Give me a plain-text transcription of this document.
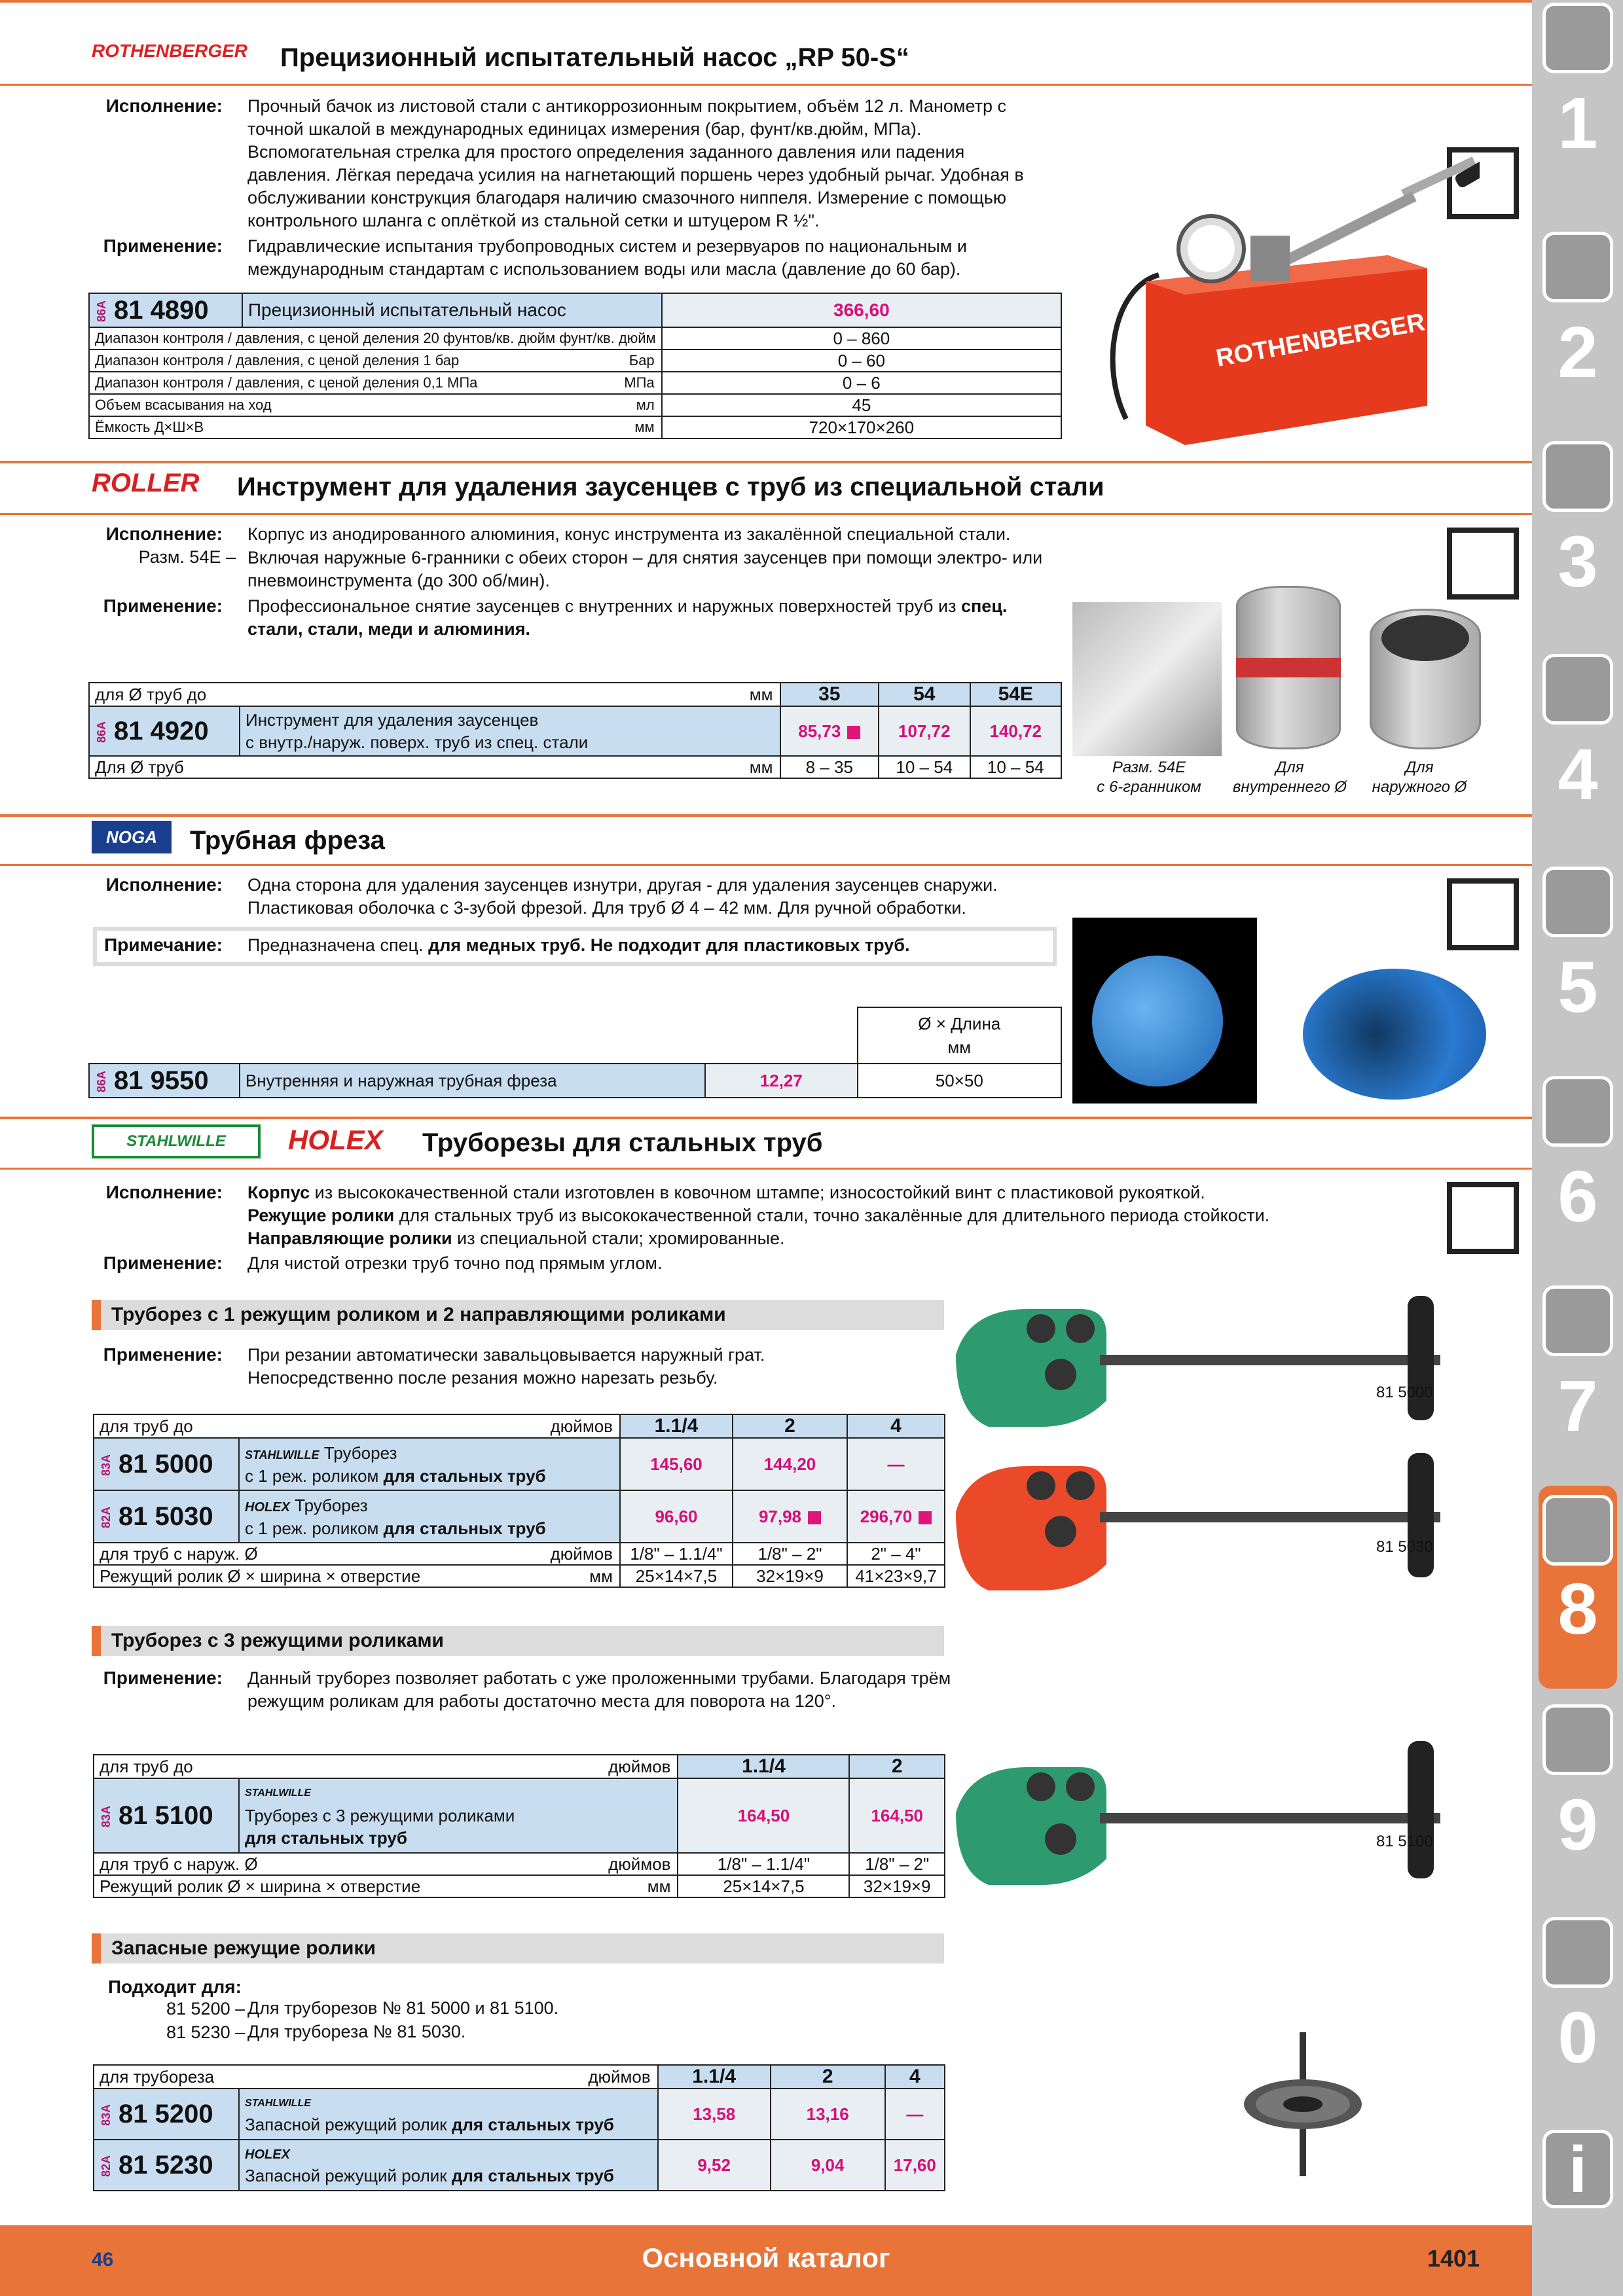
ROTHENBERGER Прецизионный испытательный насос „RP 50-S“
Исполнение: Прочный бачок из листовой стали с антикоррозионным покрытием, объём 12 л. Манометр с точной шкалой в международных единицах измерения (бар, фунт/кв.дюйм, МПа). Вспомогательная стрелка для простого определения заданного давления или падения давления. Лёгкая передача усилия на нагнетающий поршень через удобный рычаг. Удобная в обслуживании конструкция благодаря наличию смазочного ниппеля. Измерение с помощью контрольного шланга с оплёткой из стальной сетки и штуцером R ½".
Применение: Гидравлические испытания трубопроводных систем и резервуаров по национальным и международным стандартам с использованием воды или масла (давление до 60 бар).
86A 81 4890	Прецизионный испытательный насос	366,60
Диапазон контроля / давления, с ценой деления 20 фунтов/кв. дюйм фунт/кв. дюйм		0 – 860
Диапазон контроля / давления, с ценой деления 1 бар Бар		0 – 60
Диапазон контроля / давления, с ценой деления 0,1 МПа МПа		0 – 6
Объем всасывания на ход мл		45
Ёмкость Д×Ш×В мм		720×170×260
ROTHENBERGER
ROLLER Инструмент для удаления заусенцев с труб из специальной стали
Исполнение: Корпус из анодированного алюминия, конус инструмента из закалённой специальной стали.
Разм. 54E – Включая наружные 6-гранники с обеих сторон – для снятия заусенцев при помощи электро- или пневмоинструмента (до 300 об/мин).
Применение: Профессиональное снятие заусенцев с внутренних и наружных поверхностей труб из спец. стали, стали, меди и алюминия.
для Ø труб до мм		35	54	54E
86A 81 4920	Инструмент для удаления заусенцев
с внутр./наруж. поверх. труб из спец. стали	85,73	107,72	140,72
Для Ø труб мм		8 – 35	10 – 54	10 – 54	Разм. 54E
с 6-гранником
Для
внутреннего Ø
Для
наружного Ø
NOGA	Трубная фреза
Исполнение: Одна сторона для удаления заусенцев изнутри, другая - для удаления заусенцев снаружи. Пластиковая оболочка с 3-зубой фрезой. Для труб Ø 4 – 42 мм. Для ручной обработки.
Примечание: Предназначена спец. для медных труб. Не подходит для пластиковых труб.

			Ø × Длина
мм

86A 81 9550	Внутренняя и наружная трубная фреза	12,27	50×50
STAHLWILLE	HOLEX Труборезы для стальных труб
Исполнение: Корпус из высококачественной стали изготовлен в ковочном штампе; износостойкий винт с пластиковой рукояткой.
Режущие ролики для стальных труб из высококачественной стали, точно закалённые для длительного периода стойкости.
Направляющие ролики из специальной стали; хромированные.
Применение: Для чистой отрезки труб точно под прямым углом.
Труборез с 1 режущим роликом и 2 направляющими роликами
Применение: При резании автоматически завальцовывается наружный грат. Непосредственно после резания можно нарезать резьбу.
для труб до дюймов		1.1/4	2	4
83A 81 5000	STAHLWILLE Труборез
с 1 реж. роликом для стальных труб	145,60	144,20	—
82A 81 5030	HOLEX Труборез
с 1 реж. роликом для стальных труб	96,60	97,98	296,70
для труб с наруж. Ø дюймов		1/8" – 1.1/4"	1/8" – 2"	2" – 4"
Режущий ролик Ø × ширина × отверстие мм		25×14×7,5	32×19×9	41×23×9,7
81 5000
81 5030
Труборез с 3 режущими роликами
Применение: Данный труборез позволяет работать с уже проложенными трубами. Благодаря трём режущим роликам для работы достаточно места для поворота на 120°.
для труб до дюймов		1.1/4	2
83A 81 5100	STAHLWILLE
Труборез с 3 режущими роликами
для стальных труб	164,50	164,50
для труб с наруж. Ø дюймов		1/8" – 1.1/4"	1/8" – 2"
Режущий ролик Ø × ширина × отверстие мм		25×14×7,5	32×19×9
81 5100
Запасные режущие ролики
Подходит для:
81 5200 – Для труборезов № 81 5000 и 81 5100.
81 5230 – Для трубореза № 81 5030.
для трубореза дюймов		1.1/4	2	4
83A 81 5200	STAHLWILLE
Запасной режущий ролик для стальных труб	13,58	13,16	—
82A 81 5230	HOLEX
Запасной режущий ролик для стальных труб	9,52	9,04	17,60
1
2
3
4
5
6
7
8
9
0
i
46	Основной каталог	1401
